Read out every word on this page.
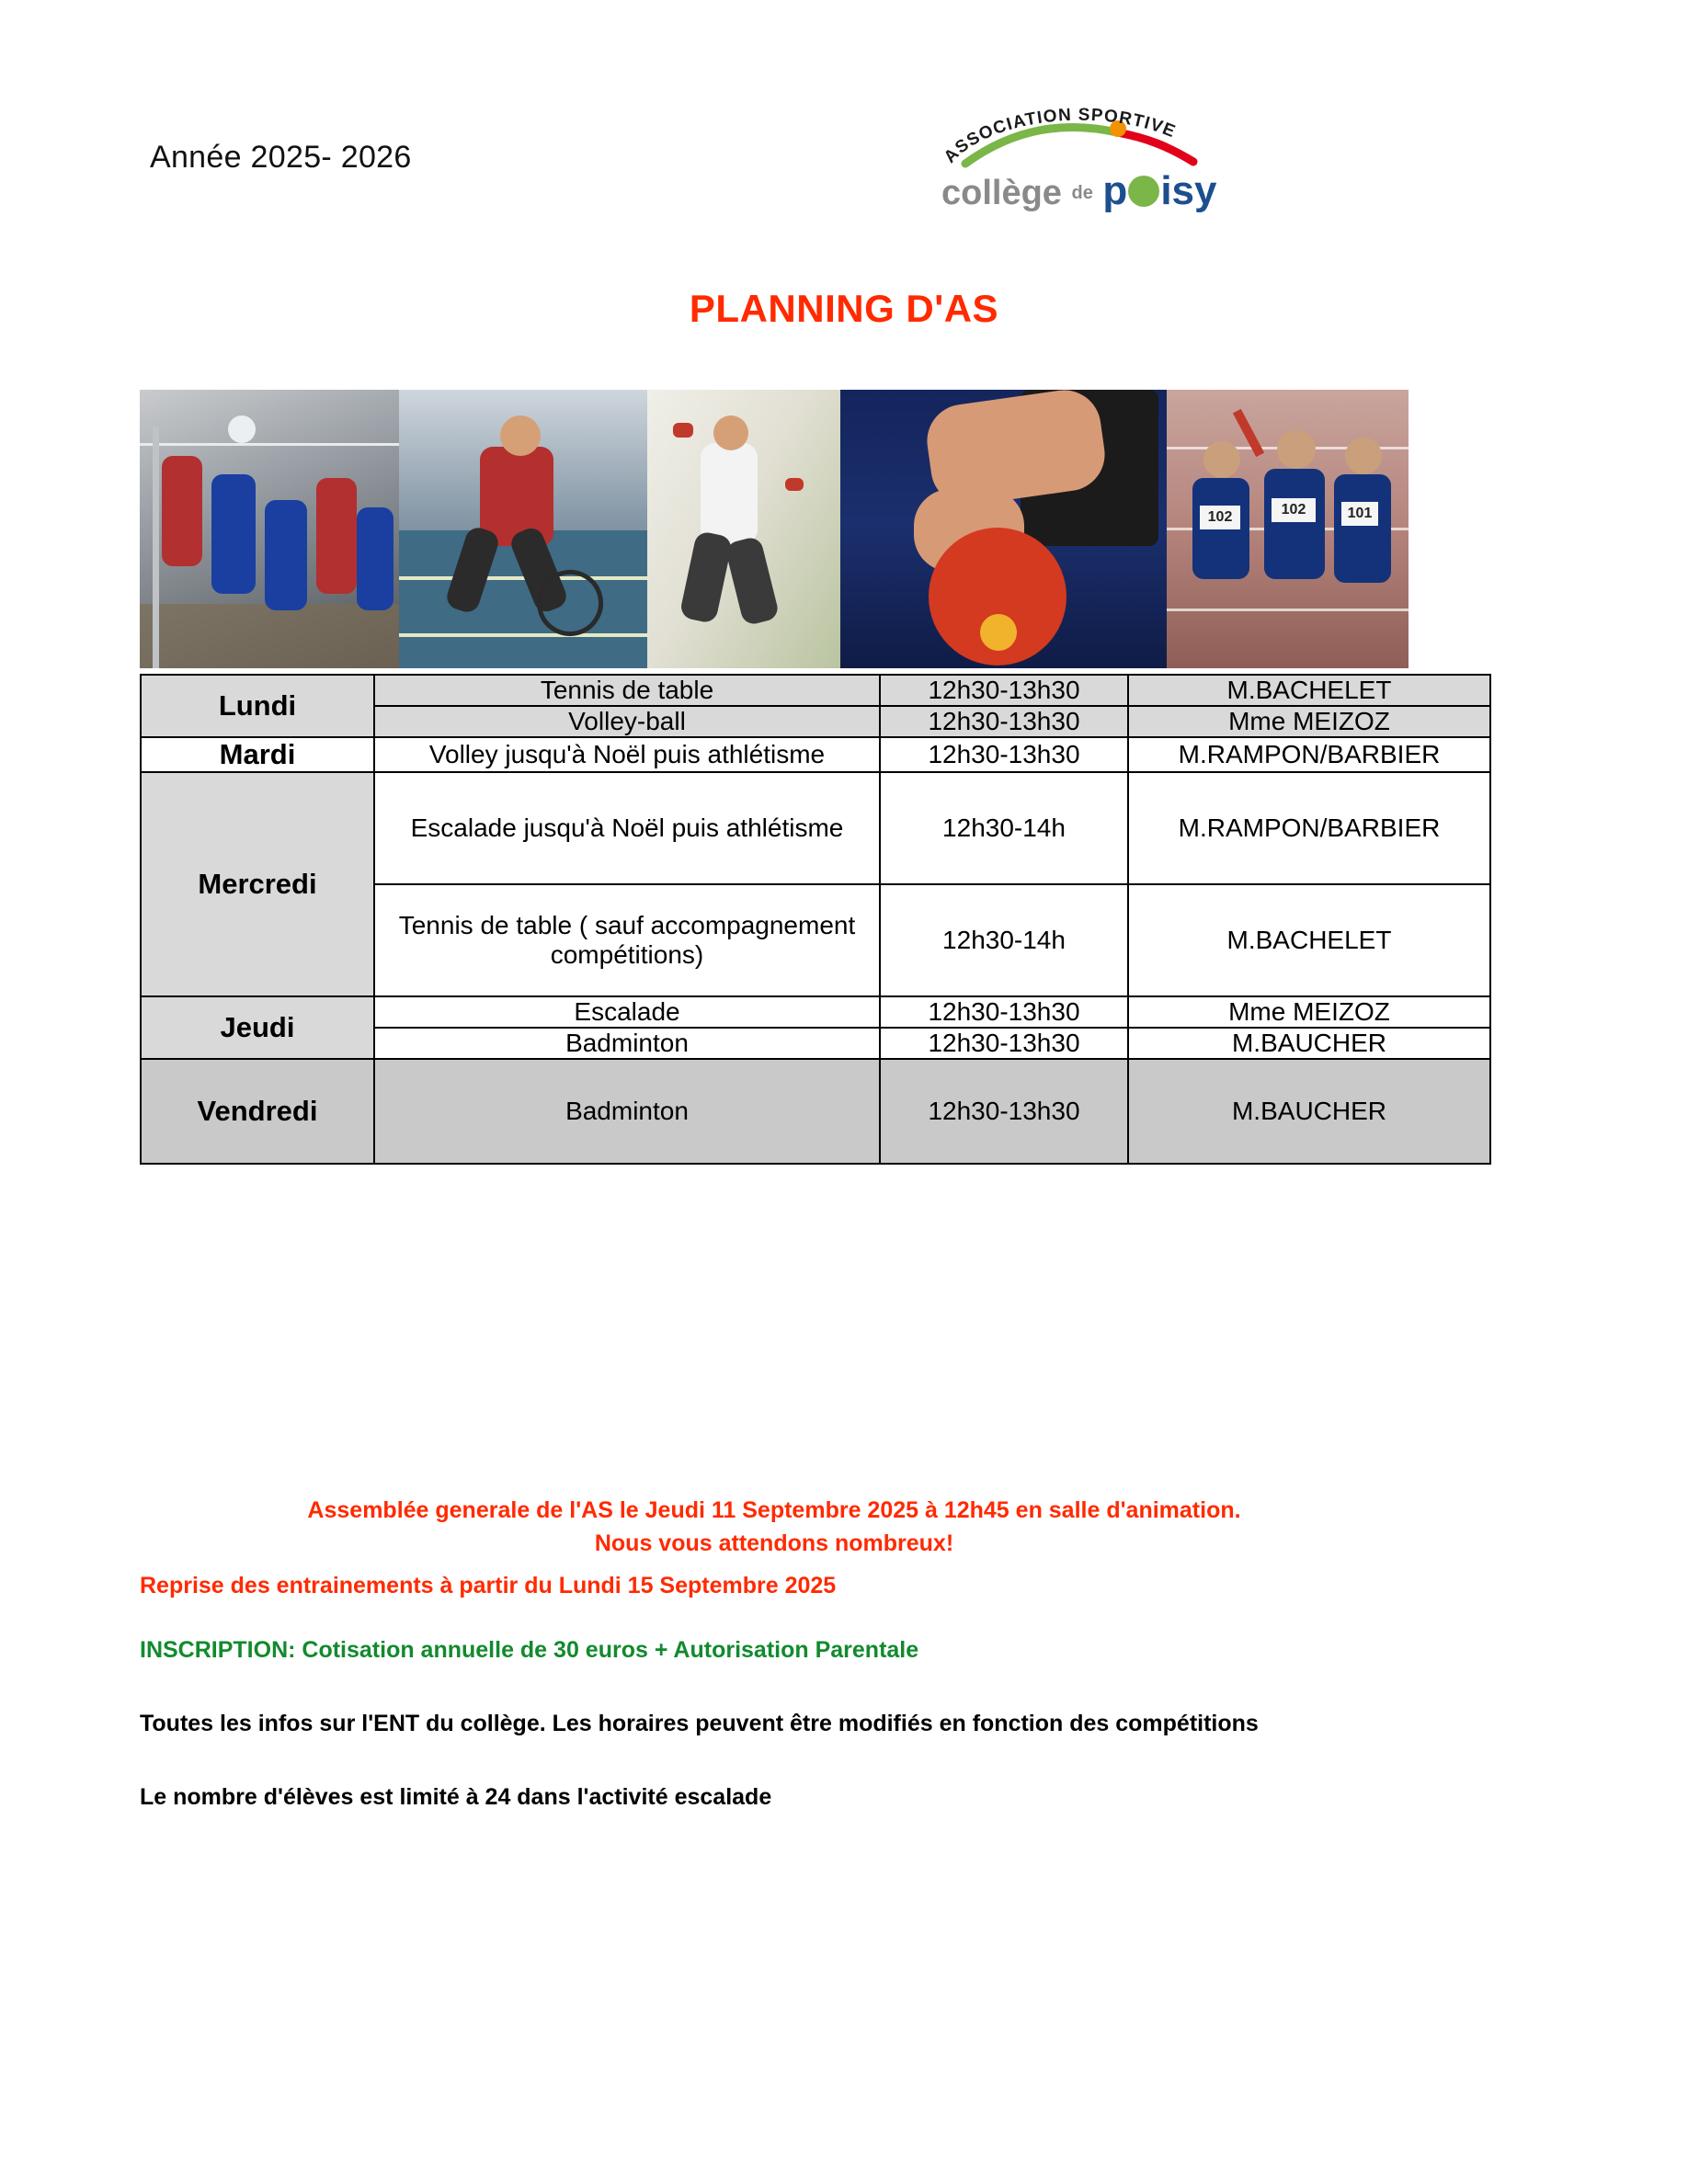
Année 2025- 2026	ASSOCIATION SPORTIVE
collège de p isy
PLANNING D'AS
102	102	101
Lundi	Tennis de table	12h30-13h30	M.BACHELET
	Volley-ball	12h30-13h30	Mme MEIZOZ
Mardi	Volley jusqu'à Noël puis athlétisme	12h30-13h30	M.RAMPON/BARBIER
Mercredi	Escalade jusqu'à Noël puis athlétisme	12h30-14h	M.RAMPON/BARBIER
	Tennis de table ( sauf accompagnement compétitions)	12h30-14h	M.BACHELET
Jeudi	Escalade	12h30-13h30	Mme MEIZOZ
	Badminton	12h30-13h30	M.BAUCHER
Vendredi	Badminton	12h30-13h30	M.BAUCHER
Assemblée generale de l'AS le Jeudi 11 Septembre 2025 à 12h45 en salle d'animation.
Nous vous attendons nombreux!
Reprise des entrainements à partir du Lundi 15 Septembre 2025
INSCRIPTION: Cotisation annuelle de 30 euros + Autorisation Parentale
Toutes les infos sur l'ENT du collège. Les horaires peuvent être modifiés en fonction des compétitions
Le nombre d'élèves est limité à 24 dans l'activité escalade
